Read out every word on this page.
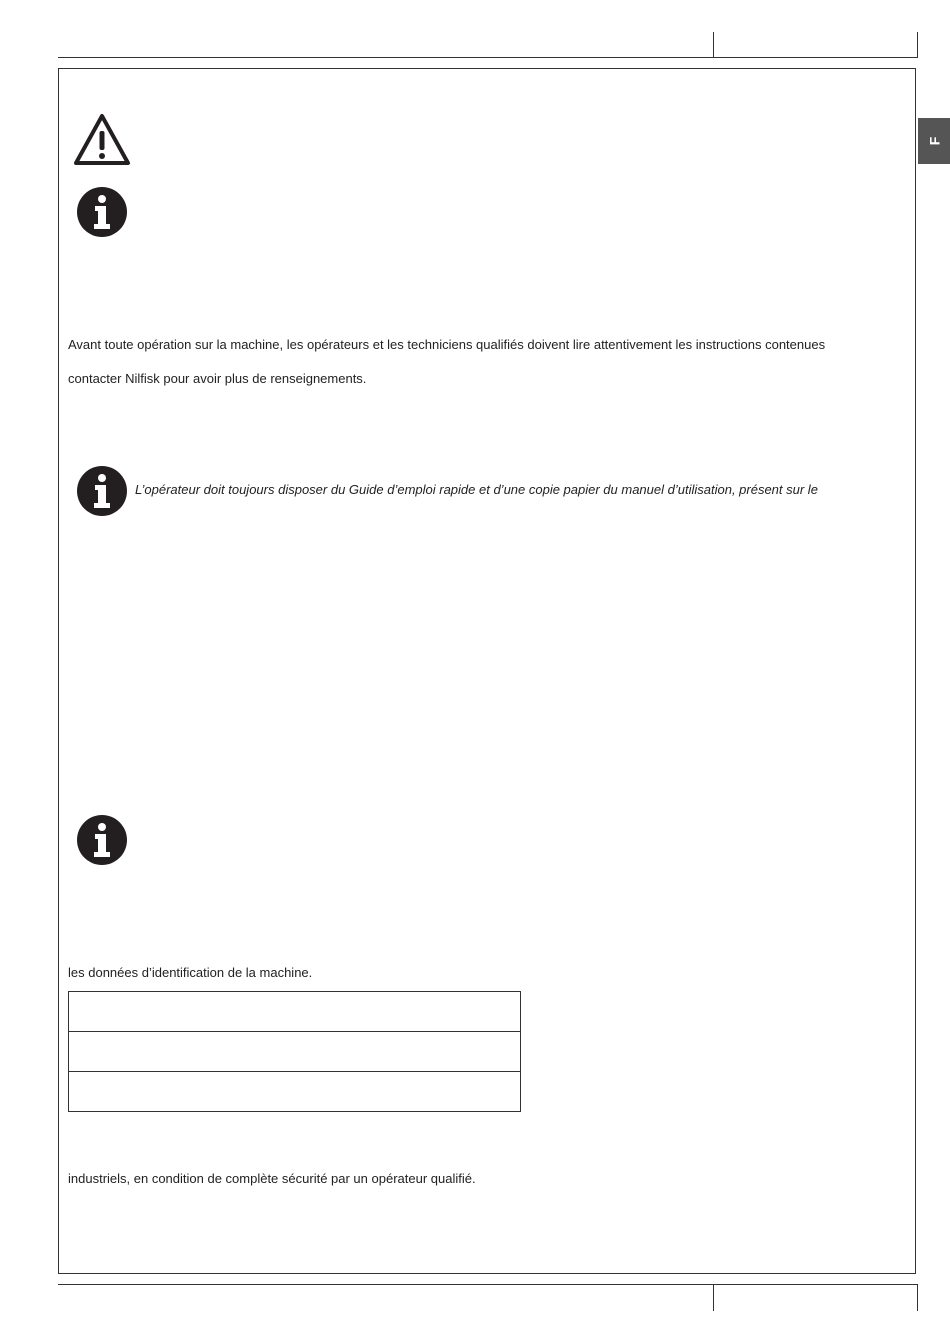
F
Avant toute opération sur la machine, les opérateurs et les techniciens qualifiés doivent lire attentivement les instructions contenues
contacter Nilfisk pour avoir plus de renseignements.
L’opérateur doit toujours disposer du Guide d’emploi rapide et d’une copie papier du manuel d’utilisation, présent sur le
les données d’identification de la machine.

industriels, en condition de complète sécurité par un opérateur qualifié.
